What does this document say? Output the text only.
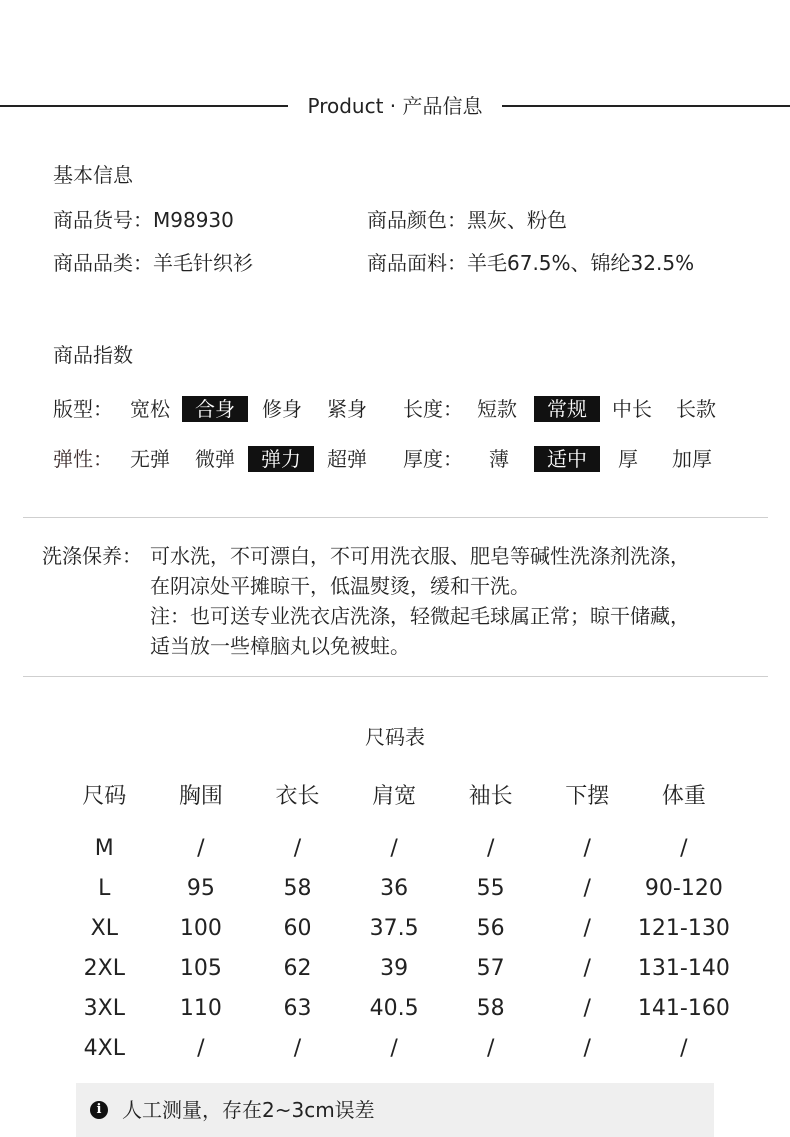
Product · 产品信息
基本信息
商品货号：M98930	商品颜色：黑灰、粉色
商品品类：羊毛针织衫	商品面料：羊毛67.5%、锦纶32.5%
商品指数
版型： 宽松	合身	修身 紧身 长度： 短款	常规	中长 长款
弹性： 无弹 微弹	弹力	超弹 厚度： 薄	适中	厚 加厚
洗涤保养： 可水洗，不可漂白，不可用洗衣服、肥皂等碱性洗涤剂洗涤，
在阴凉处平摊晾干，低温熨烫，缓和干洗。
注：也可送专业洗衣店洗涤，轻微起毛球属正常；晾干储藏，
适当放一些樟脑丸以免被蛀。
尺码表
尺码	胸围	衣长	肩宽	袖长	下摆	体重

M	/	/	/	/	/	/
L	95	58	36	55	/	90-120
XL	100	60	37.5	56	/	121-130
2XL	105	62	39	57	/	131-140
3XL	110	63	40.5	58	/	141-160
4XL	/	/	/	/	/	/
i	人工测量，存在2~3cm误差
